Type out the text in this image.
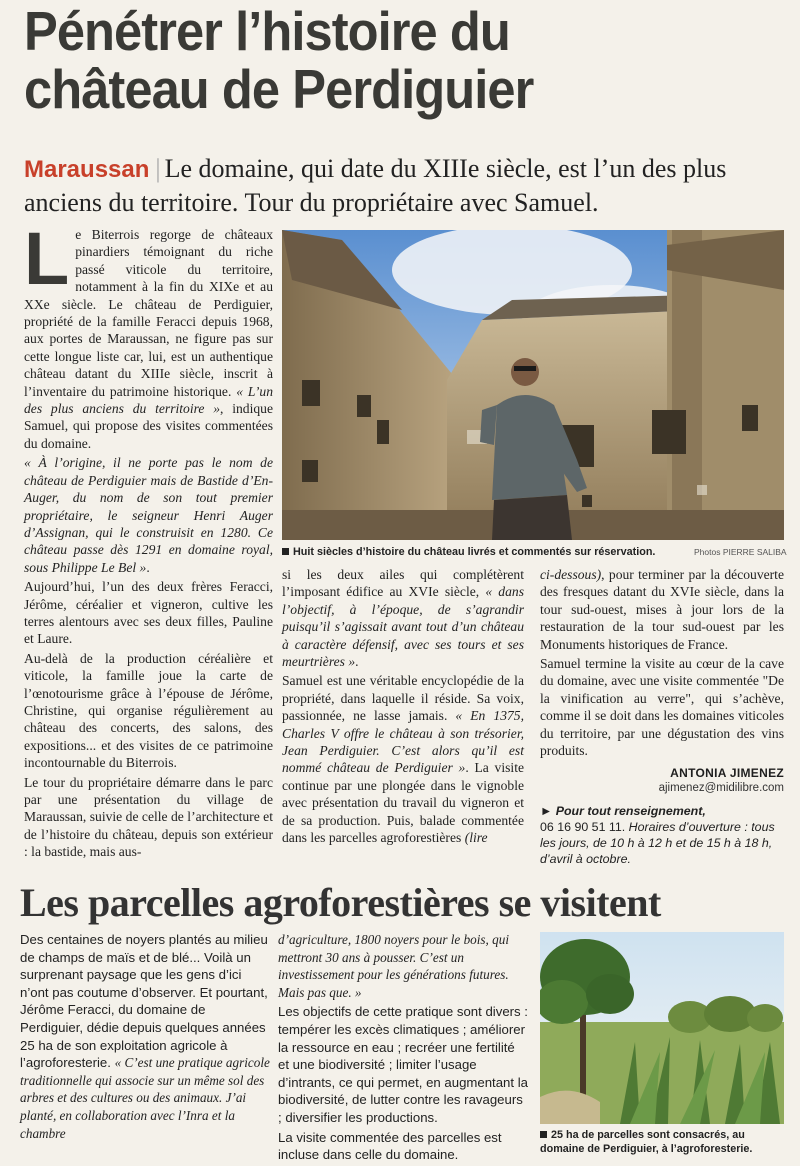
Pénétrer l’histoire du
château de Perdiguier
Maraussan | Le domaine, qui date du XIIIe siècle, est l’un des plus anciens du territoire. Tour du propriétaire avec Samuel.

Le Biterrois regorge de châteaux pinardiers témoignant du riche passé viticole du territoire, notamment à la fin du XIXe et au XXe siècle. Le château de Perdiguier, propriété de la famille Feracci depuis 1968, aux portes de Maraussan, ne figure pas sur cette longue liste car, lui, est un authentique château datant du XIIIe siècle, inscrit à l’inventaire du patrimoine historique. « L’un des plus anciens du territoire », indique Samuel, qui propose des visites commentées du domaine.

« À l’origine, il ne porte pas le nom de château de Perdiguier mais de Bastide d’En-Auger, du nom de son tout premier propriétaire, le seigneur Henri Auger d’Assignan, qui le construisit en 1280. Ce château passe dès 1291 en domaine royal, sous Philippe Le Bel ».

Aujourd’hui, l’un des deux frères Feracci, Jérôme, céréalier et vigneron, cultive les terres alentours avec ses deux filles, Pauline et Laure.

Au-delà de la production céréalière et viticole, la famille joue la carte de l’œnotourisme grâce à l’épouse de Jérôme, Christine, qui organise régulièrement au château des concerts, des salons, des expositions... et des visites de ce patrimoine incontournable du Biterrois.

Le tour du propriétaire démarre dans le parc par une présentation du village de Maraussan, suivie de celle de l’architecture et de l’histoire du château, depuis son extérieur : la bastide, mais aus-

Huit siècles d’histoire du château livrés et commentés sur réservation.	Photos PIERRE SALIBA

si les deux ailes qui complétèrent l’imposant édifice au XVIe siècle, « dans l’objectif, à l’époque, de s’agrandir puisqu’il s’agissait avant tout d’un château à caractère défensif, avec ses tours et ses meurtrières ».

Samuel est une véritable encyclopédie de la propriété, dans laquelle il réside. Sa voix, passionnée, ne lasse jamais. « En 1375, Charles V offre le château à son trésorier, Jean Perdiguier. C’est alors qu’il est nommé château de Perdiguier ». La visite continue par une plongée dans le vignoble avec présentation du travail du vigneron et de sa production. Puis, balade commentée dans les parcelles agroforestières (lire

ci-dessous), pour terminer par la découverte des fresques datant du XVIe siècle, dans la tour sud-ouest, mises à jour lors de la restauration de la tour sud-ouest par les Monuments historiques de France.

Samuel termine la visite au cœur de la cave du domaine, avec une visite commentée "De la vinification au verre", qui s’achève, comme il se doit dans les domaines viticoles du territoire, par une dégustation des vins produits.

ANTONIA JIMENEZ
ajimenez@midilibre.com
► Pour tout renseignement,
06 16 90 51 11. Horaires d’ouverture : tous les jours, de 10 h à 12 h et de 15 h à 18 h, d’avril à octobre.
Les parcelles agroforestières se visitent

Des centaines de noyers plantés au milieu de champs de maïs et de blé... Voilà un surprenant paysage que les gens d’ici n’ont pas coutume d’observer. Et pourtant, Jérôme Feracci, du domaine de Perdiguier, dédie depuis quelques années 25 ha de son exploitation agricole à l’agroforesterie. « C’est une pratique agricole traditionnelle qui associe sur un même sol des arbres et des cultures ou des animaux. J’ai planté, en collaboration avec l’Inra et la chambre

d’agriculture, 1800 noyers pour le bois, qui mettront 30 ans à pousser. C’est un investissement pour les générations futures. Mais pas que. »

Les objectifs de cette pratique sont divers : tempérer les excès climatiques ; améliorer la ressource en eau ; recréer une fertilité et une biodiversité ; limiter l’usage d’intrants, ce qui permet, en augmentant la biodiversité, de lutter contre les ravageurs ; diversifier les productions.

La visite commentée des parcelles est incluse dans celle du domaine.

25 ha de parcelles sont consacrés, au domaine de Perdiguier, à l’agroforesterie.
